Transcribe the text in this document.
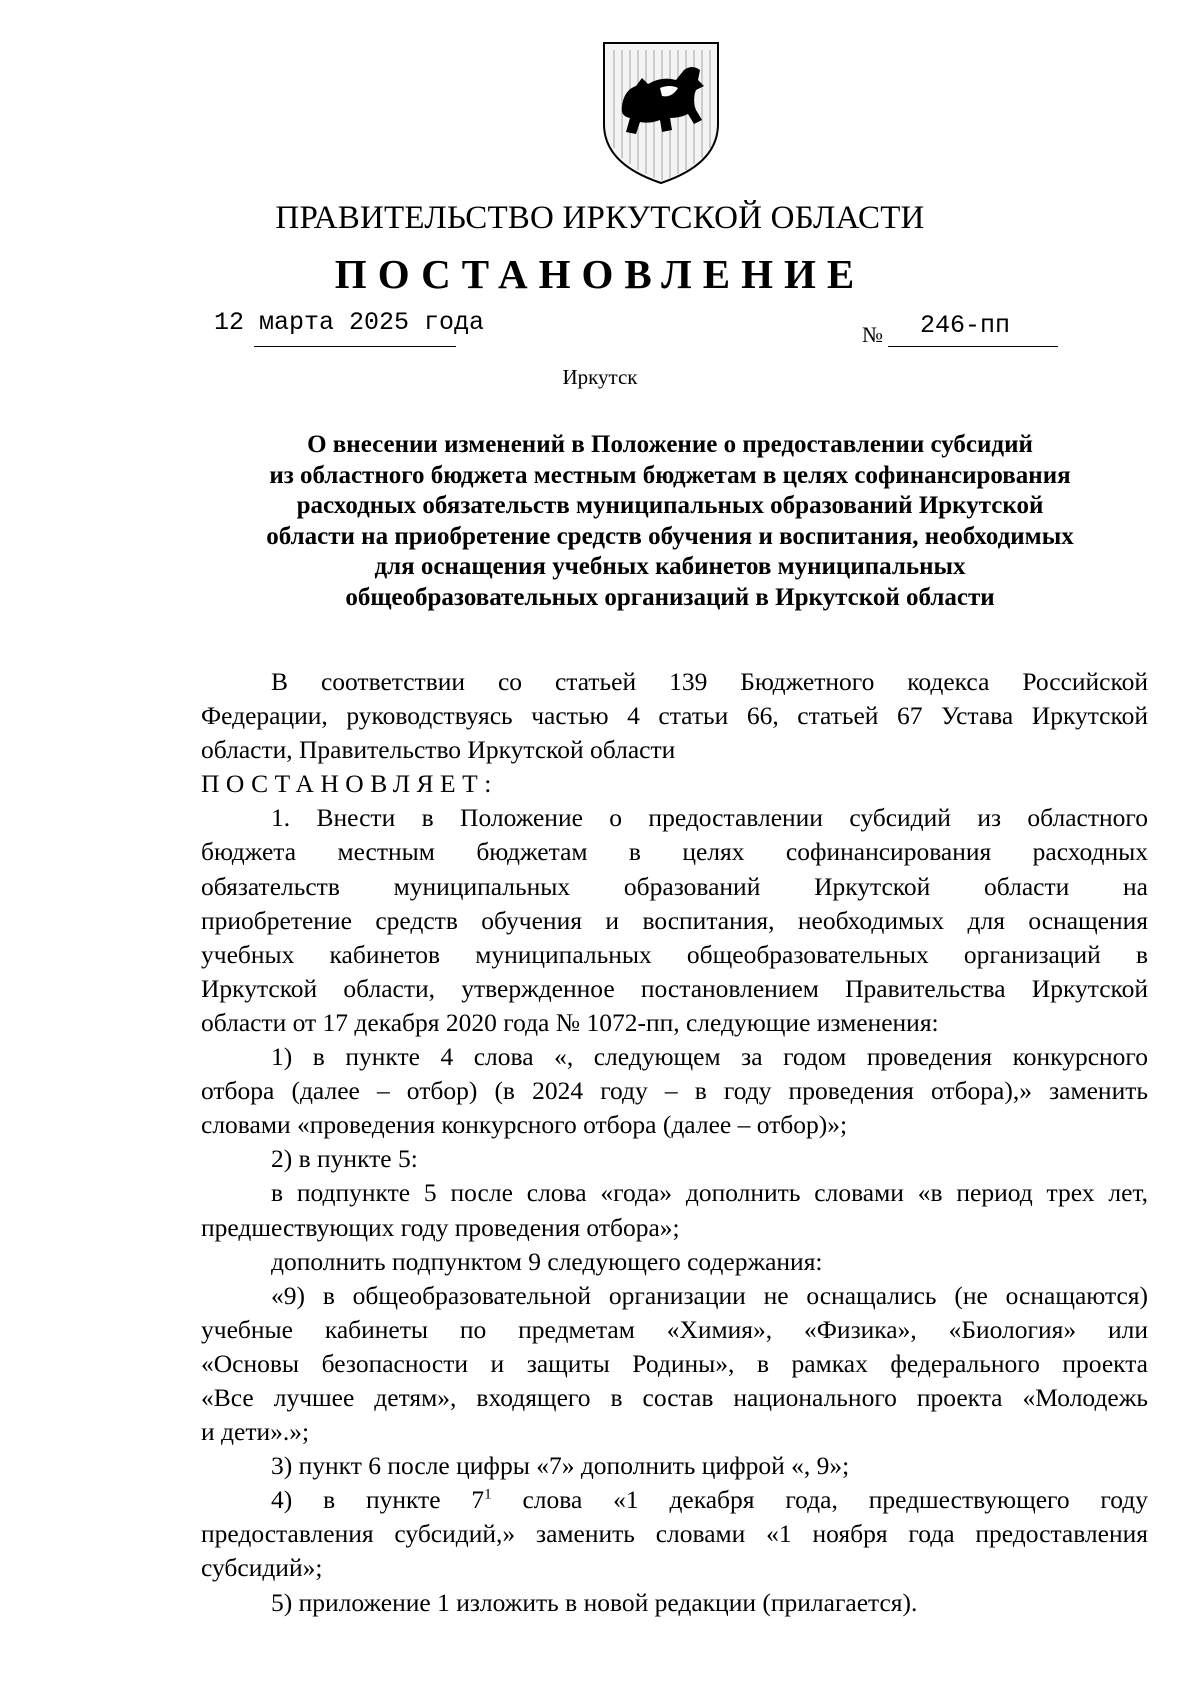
ПРАВИТЕЛЬСТВО ИРКУТСКОЙ ОБЛАСТИ
ПОСТАНОВЛЕНИЕ
12 марта 2025 года	№ 246-пп
Иркутск
О внесении изменений в Положение о предоставлении субсидий
из областного бюджета местным бюджетам в целях софинансирования
расходных обязательств муниципальных образований Иркутской
области на приобретение средств обучения и воспитания, необходимых
для оснащения учебных кабинетов муниципальных
общеобразовательных организаций в Иркутской области

В соответствии со статьей 139 Бюджетного кодекса Российской

Федерации, руководствуясь частью 4 статьи 66, статьей 67 Устава Иркутской

области, Правительство Иркутской области

ПОСТАНОВЛЯЕТ:

1. Внести в Положение о предоставлении субсидий из областного

бюджета местным бюджетам в целях софинансирования расходных

обязательств муниципальных образований Иркутской области на

приобретение средств обучения и воспитания, необходимых для оснащения

учебных кабинетов муниципальных общеобразовательных организаций в

Иркутской области, утвержденное постановлением Правительства Иркутской

области от 17 декабря 2020 года № 1072-пп, следующие изменения:

1) в пункте 4 слова «, следующем за годом проведения конкурсного

отбора (далее – отбор) (в 2024 году – в году проведения отбора),» заменить

словами «проведения конкурсного отбора (далее – отбор)»;

2) в пункте 5:

в подпункте 5 после слова «года» дополнить словами «в период трех лет,

предшествующих году проведения отбора»;

дополнить подпунктом 9 следующего содержания:

«9) в общеобразовательной организации не оснащались (не оснащаются)

учебные кабинеты по предметам «Химия», «Физика», «Биология» или

«Основы безопасности и защиты Родины», в рамках федерального проекта

«Все лучшее детям», входящего в состав национального проекта «Молодежь

и дети».»;

3) пункт 6 после цифры «7» дополнить цифрой «, 9»;

4) в пункте $7^1$ слова «1 декабря года, предшествующего году

предоставления субсидий,» заменить словами «1 ноября года предоставления

субсидий»;

5) приложение 1 изложить в новой редакции (прилагается).
